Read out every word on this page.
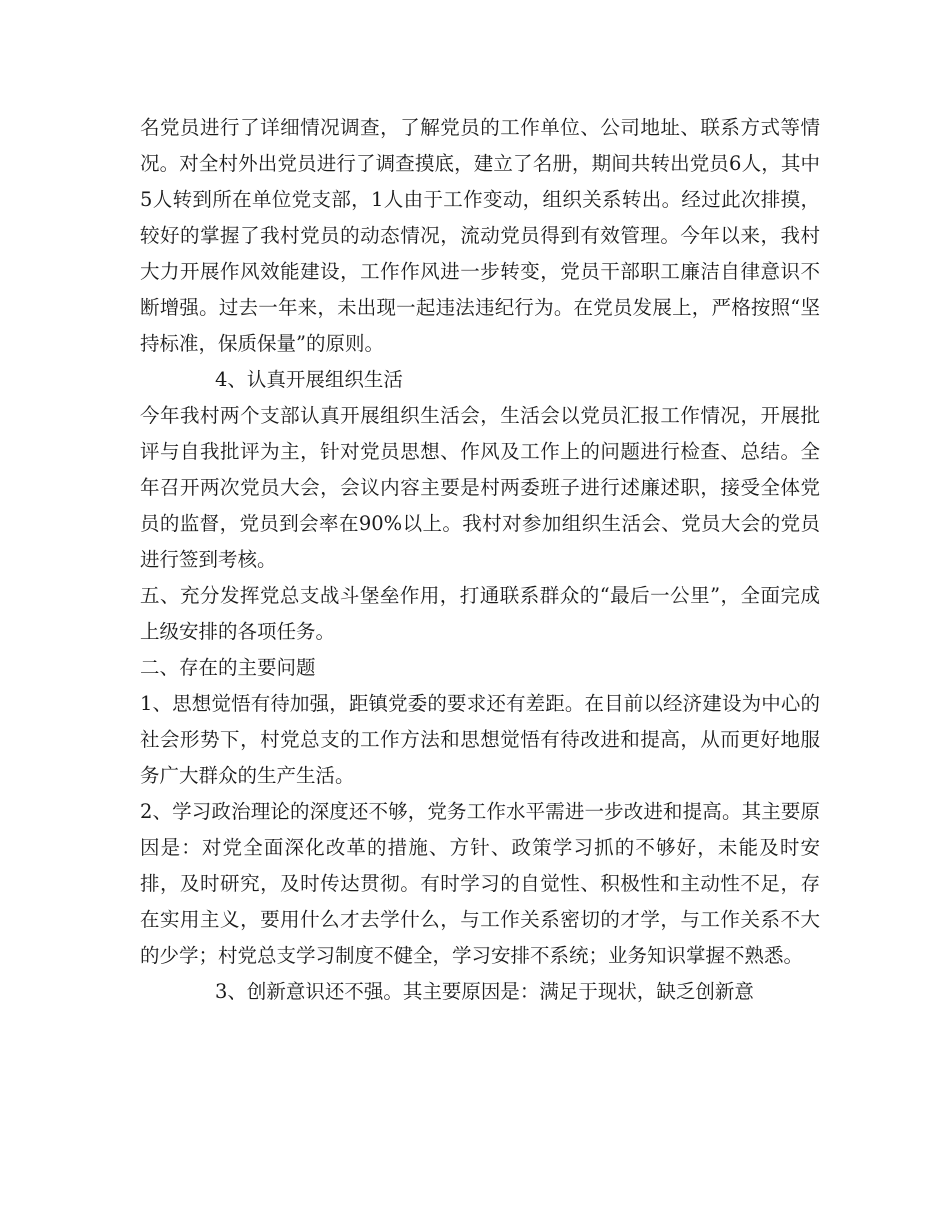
名党员进行了详细情况调查，了解党员的工作单位、公司地址、联系方式等情况。对全村外出党员进行了调查摸底，建立了名册，期间共转出党员6人，其中5人转到所在单位党支部，1人由于工作变动，组织关系转出。经过此次排摸，较好的掌握了我村党员的动态情况，流动党员得到有效管理。今年以来，我村大力开展作风效能建设，工作作风进一步转变，党员干部职工廉洁自律意识不断增强。过去一年来，未出现一起违法违纪行为。在党员发展上，严格按照“坚持标准，保质保量”的原则。

4、认真开展组织生活

今年我村两个支部认真开展组织生活会，生活会以党员汇报工作情况，开展批评与自我批评为主，针对党员思想、作风及工作上的问题进行检查、总结。全年召开两次党员大会，会议内容主要是村两委班子进行述廉述职，接受全体党员的监督，党员到会率在90%以上。我村对参加组织生活会、党员大会的党员进行签到考核。

五、充分发挥党总支战斗堡垒作用，打通联系群众的“最后一公里”，全面完成上级安排的各项任务。

二、存在的主要问题

1、思想觉悟有待加强，距镇党委的要求还有差距。在目前以经济建设为中心的社会形势下，村党总支的工作方法和思想觉悟有待改进和提高，从而更好地服务广大群众的生产生活。

2、学习政治理论的深度还不够，党务工作水平需进一步改进和提高。其主要原因是：对党全面深化改革的措施、方针、政策学习抓的不够好，未能及时安排，及时研究，及时传达贯彻。有时学习的自觉性、积极性和主动性不足，存在实用主义，要用什么才去学什么，与工作关系密切的才学，与工作关系不大的少学；村党总支学习制度不健全，学习安排不系统；业务知识掌握不熟悉。

3、创新意识还不强。其主要原因是：满足于现状，缺乏创新意
